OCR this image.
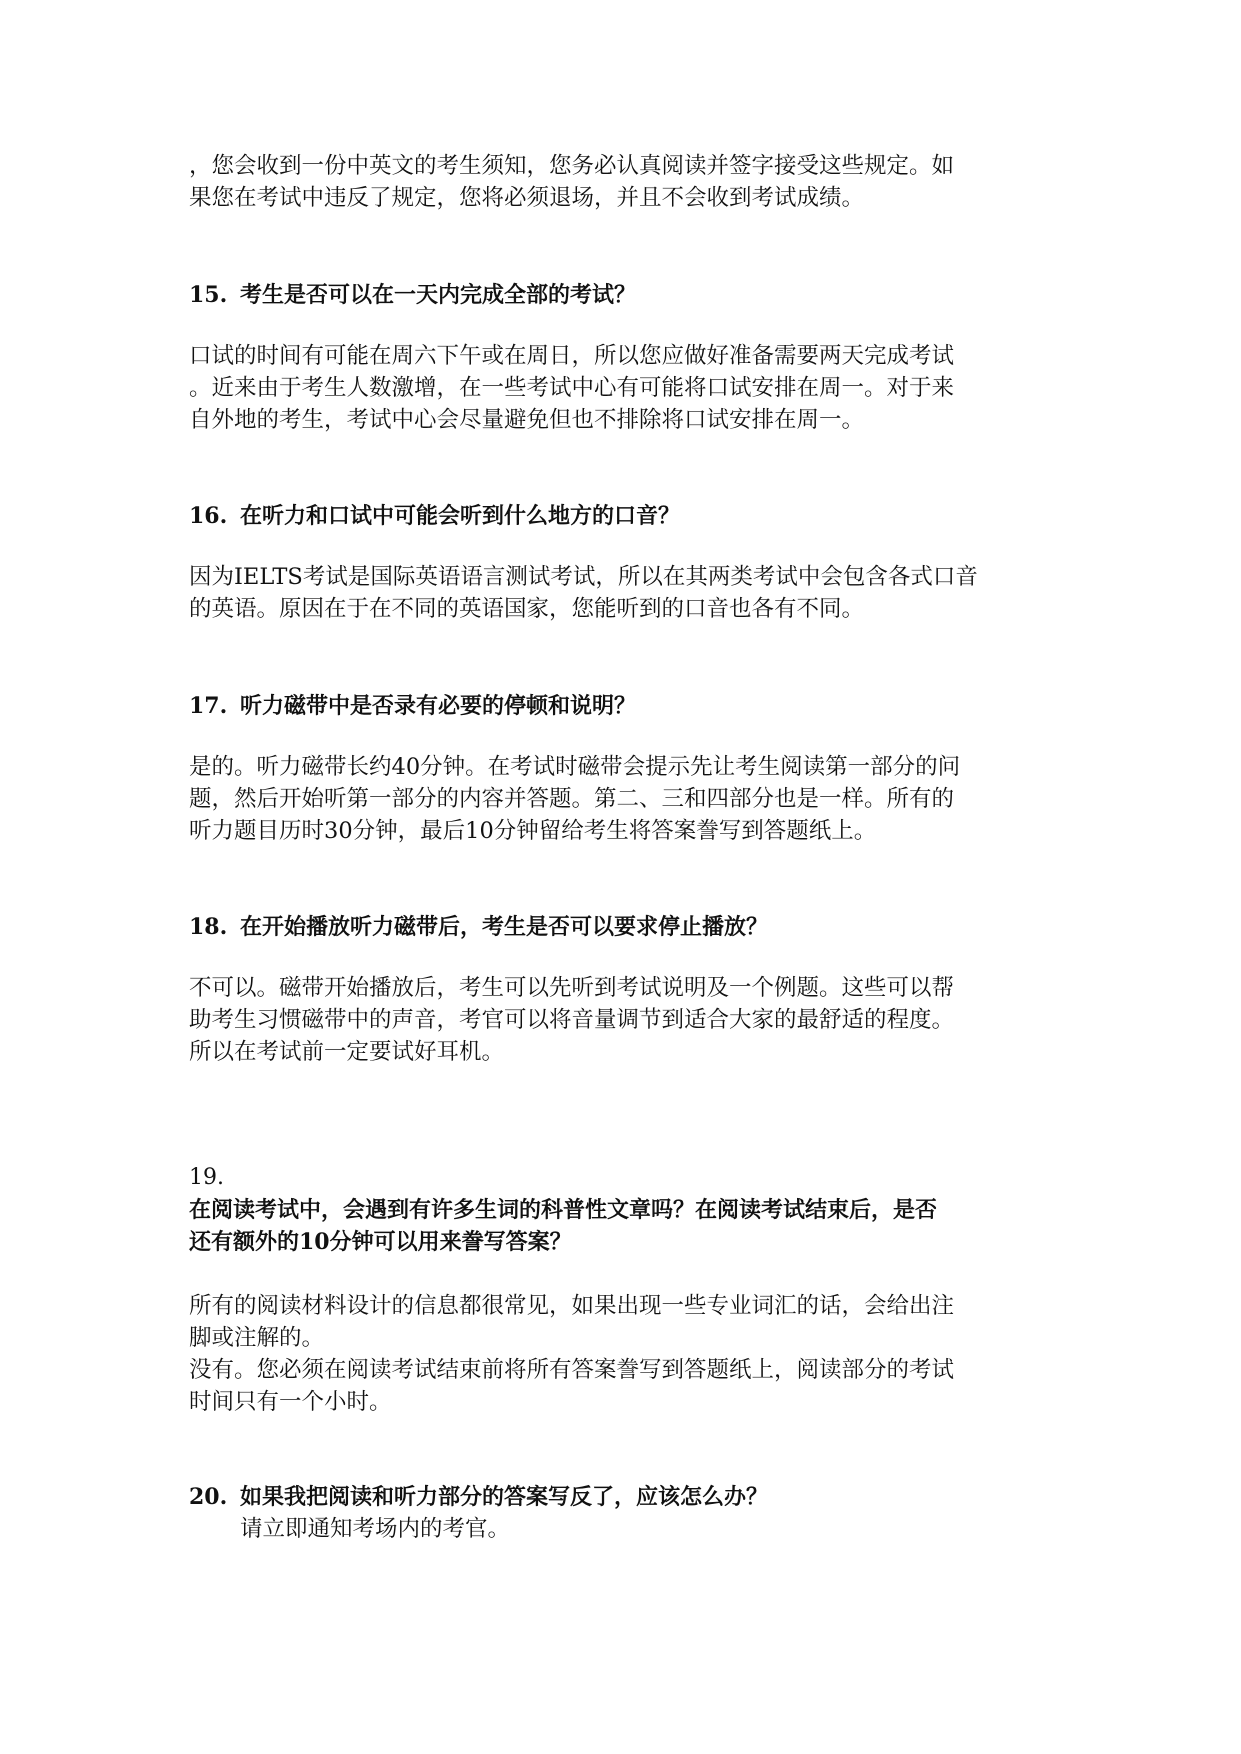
，您会收到一份中英文的考生须知，您务必认真阅读并签字接受这些规定。如

果您在考试中违反了规定，您将必须退场，并且不会收到考试成绩。

15. 考生是否可以在一天内完成全部的考试？

口试的时间有可能在周六下午或在周日，所以您应做好准备需要两天完成考试

。近来由于考生人数激增，在一些考试中心有可能将口试安排在周一。对于来

自外地的考生，考试中心会尽量避免但也不排除将口试安排在周一。

16. 在听力和口试中可能会听到什么地方的口音？

因为IELTS考试是国际英语语言测试考试，所以在其两类考试中会包含各式口音

的英语。原因在于在不同的英语国家，您能听到的口音也各有不同。

17. 听力磁带中是否录有必要的停顿和说明？

是的。听力磁带长约40分钟。在考试时磁带会提示先让考生阅读第一部分的问

题，然后开始听第一部分的内容并答题。第二、三和四部分也是一样。所有的

听力题目历时30分钟，最后10分钟留给考生将答案誊写到答题纸上。

18. 在开始播放听力磁带后，考生是否可以要求停止播放？

不可以。磁带开始播放后，考生可以先听到考试说明及一个例题。这些可以帮

助考生习惯磁带中的声音，考官可以将音量调节到适合大家的最舒适的程度。

所以在考试前一定要试好耳机。

19.

在阅读考试中，会遇到有许多生词的科普性文章吗？在阅读考试结束后，是否

还有额外的10分钟可以用来誊写答案？

所有的阅读材料设计的信息都很常见，如果出现一些专业词汇的话，会给出注

脚或注解的。

没有。您必须在阅读考试结束前将所有答案誊写到答题纸上，阅读部分的考试

时间只有一个小时。

20. 如果我把阅读和听力部分的答案写反了，应该怎么办？

请立即通知考场内的考官。
